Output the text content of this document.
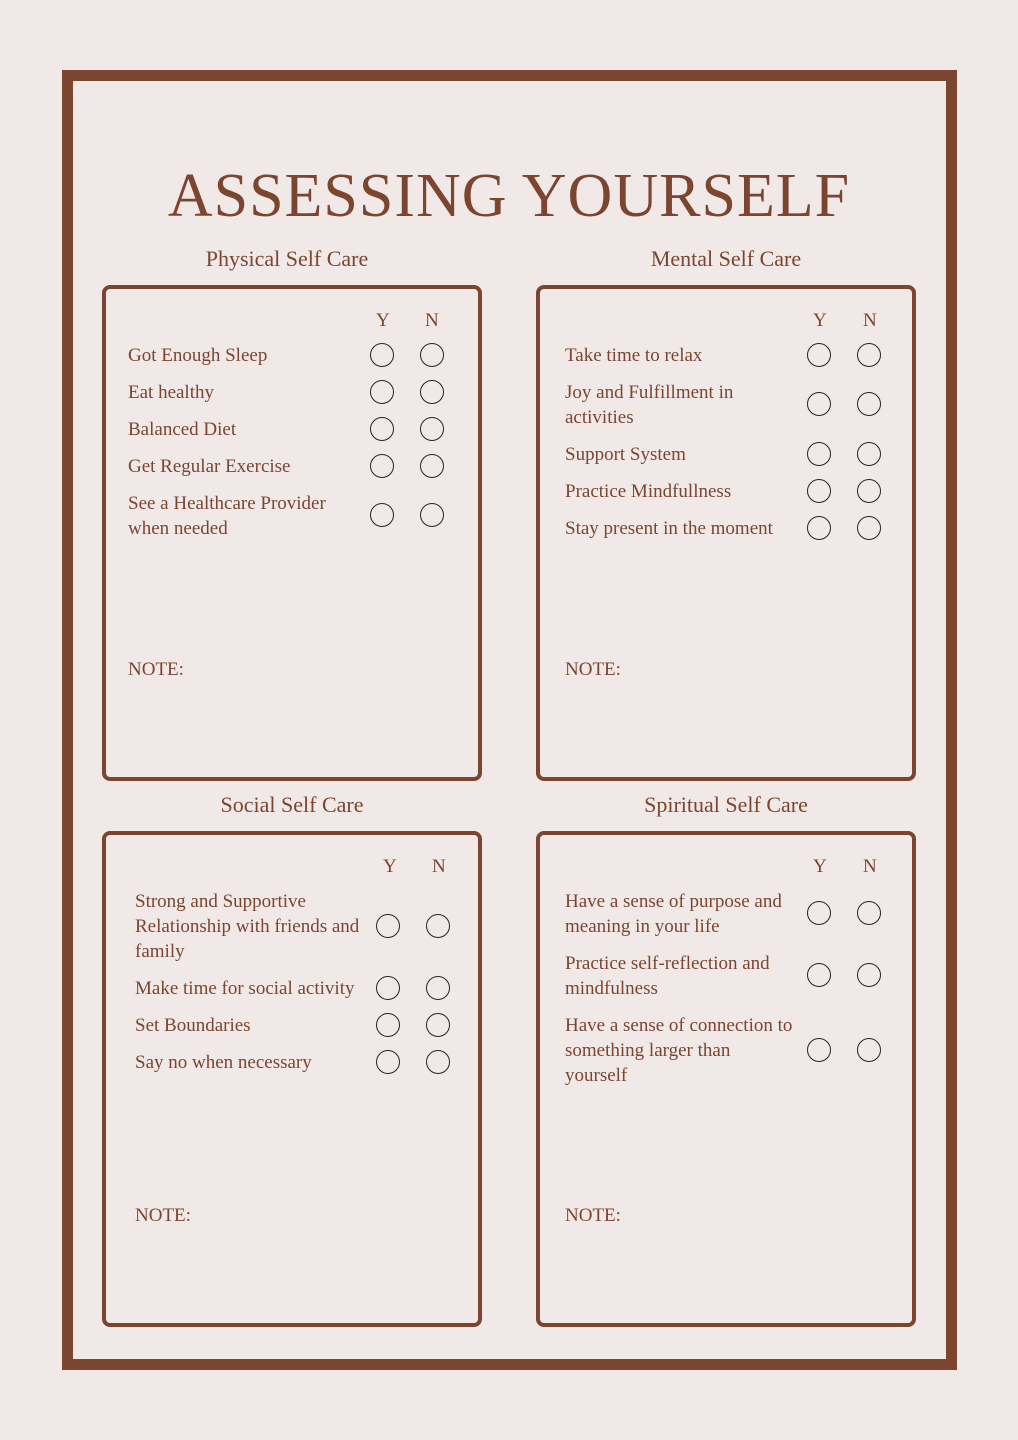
ASSESSING YOURSELF
Physical Self Care	Mental Self Care
Social Self Care	Spiritual Self Care
Y N
Got Enough Sleep
Eat healthy
Balanced Diet
Get Regular Exercise
See a Healthcare Provider when needed
NOTE:
Y N
Take time to relax
Joy and Fulfillment in activities
Support System
Practice Mindfullness
Stay present in the moment
NOTE:
Y N
Strong and Supportive Relationship with friends and family
Make time for social activity
Set Boundaries
Say no when necessary
NOTE:
Y N
Have a sense of purpose and meaning in your life
Practice self-reflection and mindfulness
Have a sense of connection to something larger than yourself
NOTE:
